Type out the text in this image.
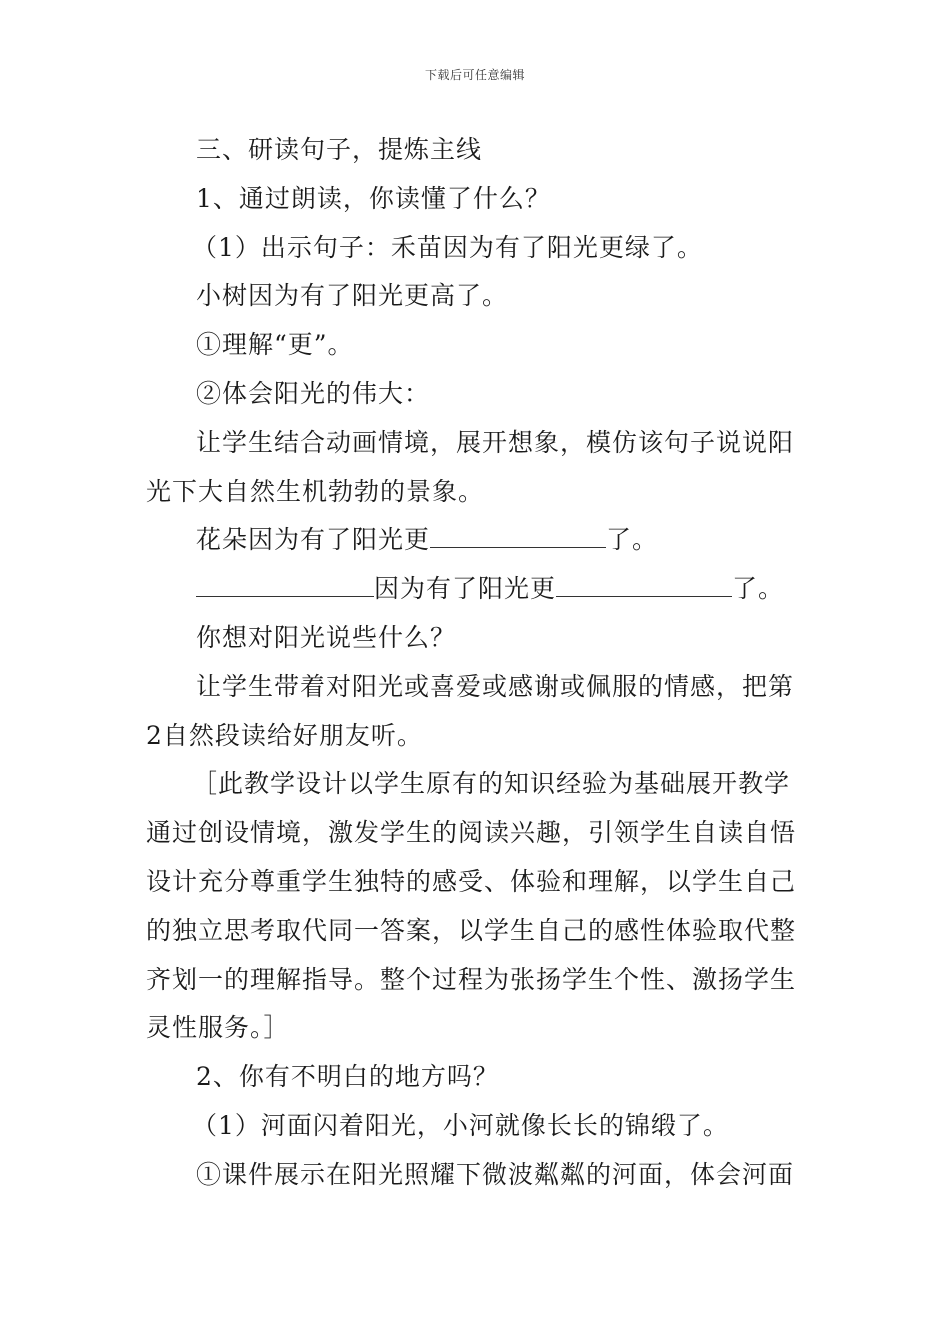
下载后可任意编辑

三、研读句子，提炼主线

1、通过朗读，你读懂了什么？

（1）出示句子：禾苗因为有了阳光更绿了。

小树因为有了阳光更高了。

①理解“更”。

②体会阳光的伟大：

让学生结合动画情境，展开想象，模仿该句子说说阳光下大自然生机勃勃的景象。

花朵因为有了阳光更	了。

因为有了阳光更	了。

你想对阳光说些什么？

让学生带着对阳光或喜爱或感谢或佩服的情感，把第2自然段读给好朋友听。

［此教学设计以学生原有的知识经验为基础展开教学通过创设情境，激发学生的阅读兴趣，引领学生自读自悟设计充分尊重学生独特的感受、体验和理解，以学生自己的独立思考取代同一答案，以学生自己的感性体验取代整齐划一的理解指导。整个过程为张扬学生个性、激扬学生灵性服务。］

2、你有不明白的地方吗？

（1）河面闪着阳光，小河就像长长的锦缎了。

①课件展示在阳光照耀下微波粼粼的河面，体会河面
